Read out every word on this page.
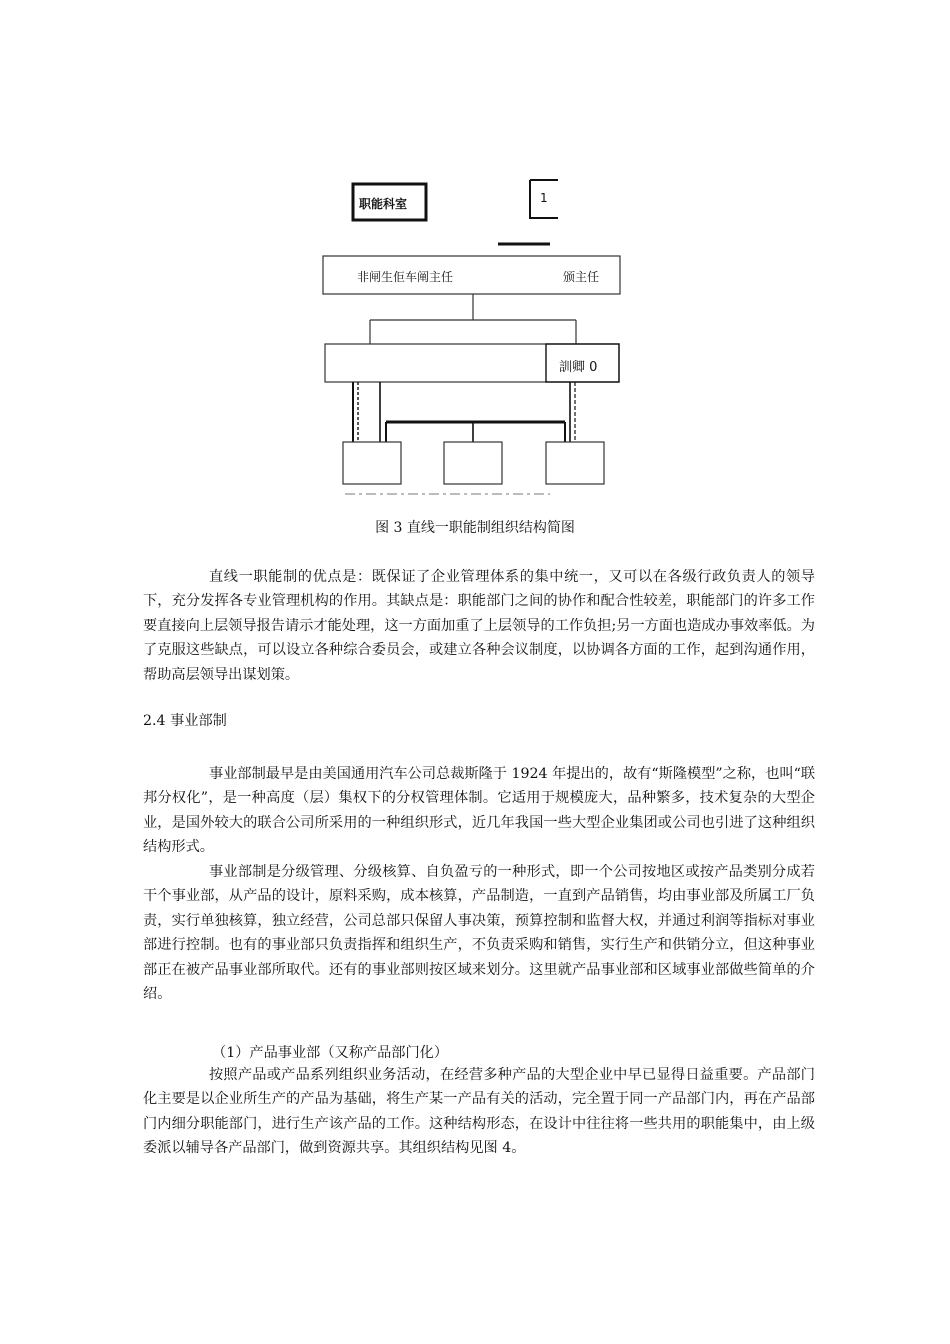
职能科室	1
非闸生佢车阐主任	颁主任
訓卿 0
图 3 直线一职能制组织结构简图

直线一职能制的优点是：既保证了企业管理体系的集中统一，又可以在各级行政负责人的领导下，充分发挥各专业管理机构的作用。其缺点是：职能部门之间的协作和配合性较差，职能部门的许多工作要直接向上层领导报告请示才能处理，这一方面加重了上层领导的工作负担;另一方面也造成办事效率低。为了克服这些缺点，可以设立各种综合委员会，或建立各种会议制度，以协调各方面的工作，起到沟通作用，帮助高层领导出谋划策。

2.4 事业部制

事业部制最早是由美国通用汽车公司总裁斯隆于 1924 年提出的，故有“斯隆模型”之称，也叫“联邦分权化”，是一种高度（层）集权下的分权管理体制。它适用于规模庞大，品种繁多，技术复杂的大型企业，是国外较大的联合公司所采用的一种组织形式，近几年我国一些大型企业集团或公司也引进了这种组织结构形式。

事业部制是分级管理、分级核算、自负盈亏的一种形式，即一个公司按地区或按产品类别分成若干个事业部，从产品的设计，原料采购，成本核算，产品制造，一直到产品销售，均由事业部及所属工厂负责，实行单独核算，独立经营，公司总部只保留人事决策，预算控制和监督大权，并通过利润等指标对事业部进行控制。也有的事业部只负责指挥和组织生产，不负责采购和销售，实行生产和供销分立，但这种事业部正在被产品事业部所取代。还有的事业部则按区域来划分。这里就产品事业部和区域事业部做些简单的介绍。

（1）产品事业部（又称产品部门化）

按照产品或产品系列组织业务活动，在经营多种产品的大型企业中早已显得日益重要。产品部门化主要是以企业所生产的产品为基础，将生产某一产品有关的活动，完全置于同一产品部门内，再在产品部门内细分职能部门，进行生产该产品的工作。这种结构形态，在设计中往往将一些共用的职能集中，由上级委派以辅导各产品部门，做到资源共享。其组织结构见图 4。
